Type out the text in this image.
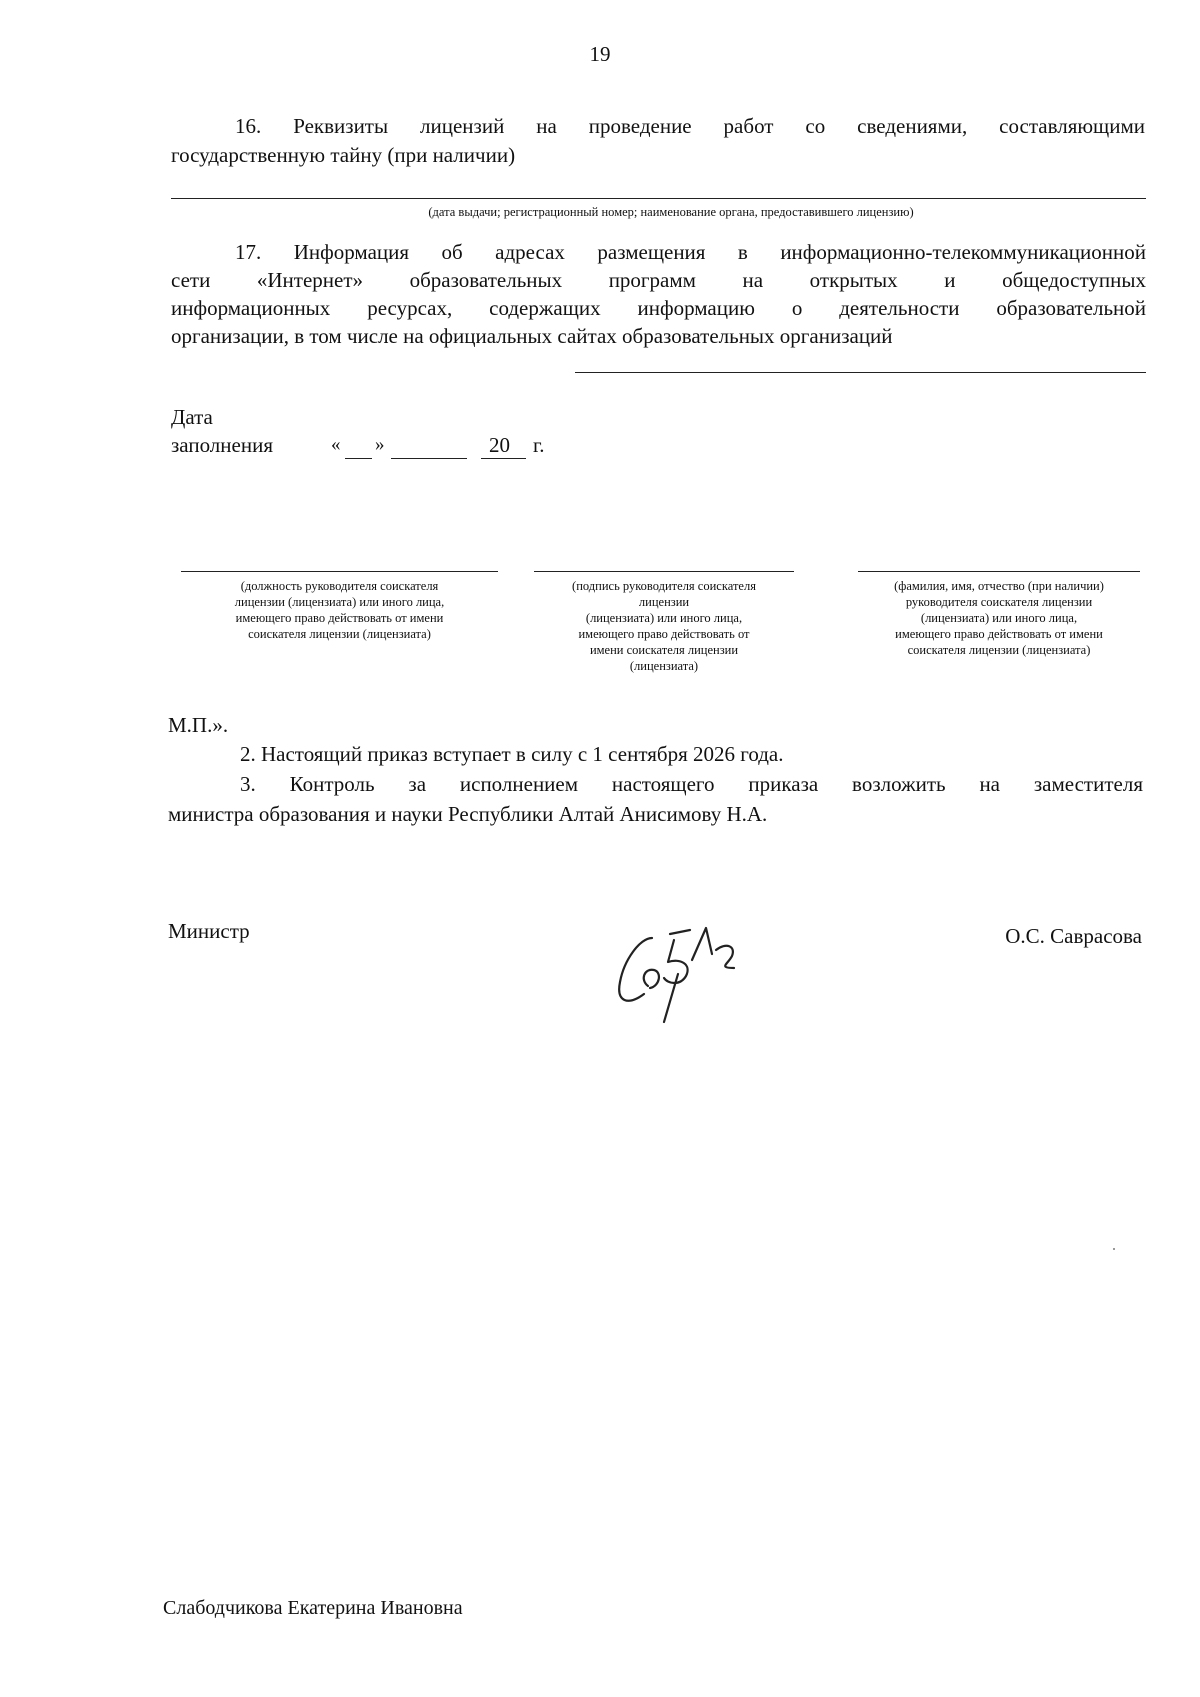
19
16. Реквизиты лицензий на проведение работ со сведениями, составляющими
государственную тайну (при наличии)
(дата выдачи; регистрационный номер; наименование органа, предоставившего лицензию)
17. Информация об адресах размещения в информационно-телекоммуникационной
сети «Интернет» образовательных программ на открытых и общедоступных
информационных ресурсах, содержащих информацию о деятельности образовательной
организации, в том числе на официальных сайтах образовательных организаций
Дата
заполнения	« »	20 г.
(должность руководителя соискателя
лицензии (лицензиата) или иного лица,
имеющего право действовать от имени
соискателя лицензии (лицензиата)
(подпись руководителя соискателя
лицензии
(лицензиата) или иного лица,
имеющего право действовать от
имени соискателя лицензии
(лицензиата)
(фамилия, имя, отчество (при наличии)
руководителя соискателя лицензии
(лицензиата) или иного лица,
имеющего право действовать от имени
соискателя лицензии (лицензиата)
М.П.».
2. Настоящий приказ вступает в силу с 1 сентября 2026 года.
3. Контроль за исполнением настоящего приказа возложить на заместителя
министра образования и науки Республики Алтай Анисимову Н.А.
Министр	О.С. Саврасова
Слабодчикова Екатерина Ивановна
